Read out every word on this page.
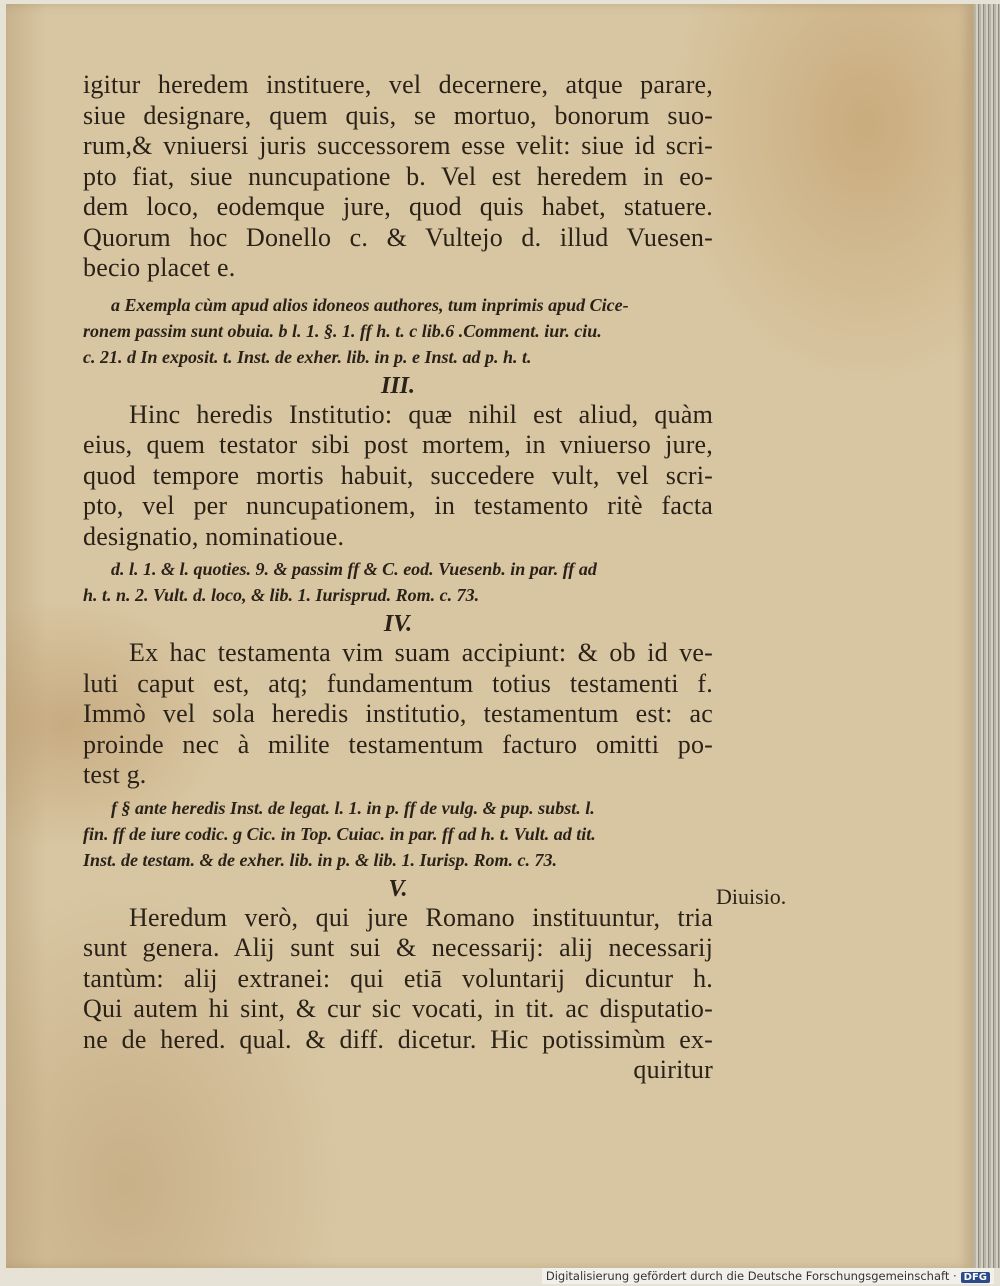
igitur heredem instituere, vel decernere, atque parare,
siue designare, quem quis, se mortuo, bonorum suo-
rum,& vniuersi juris successorem esse velit: siue id scri-
pto fiat, siue nuncupatione b. Vel est heredem in eo-
dem loco, eodemque jure, quod quis habet, statuere.
Quorum hoc Donello c. & Vultejo d. illud Vuesen-
becio placet e.
a Exempla cùm apud alios idoneos authores, tum inprimis apud Cice-
ronem passim sunt obuia. b l. 1. §. 1. ff h. t. c lib.6 .Comment. iur. ciu.
c. 21. d In exposit. t. Inst. de exher. lib. in p. e Inst. ad p. h. t.
III.
Hinc heredis Institutio: quæ nihil est aliud, quàm
eius, quem testator sibi post mortem, in vniuerso jure,
quod tempore mortis habuit, succedere vult, vel scri-
pto, vel per nuncupationem, in testamento ritè facta
designatio, nominatioue.
d. l. 1. & l. quoties. 9. & passim ff & C. eod. Vuesenb. in par. ff ad
h. t. n. 2. Vult. d. loco, & lib. 1. Iurisprud. Rom. c. 73.
IV.
Ex hac testamenta vim suam accipiunt: & ob id ve-
luti caput est, atq; fundamentum totius testamenti f.
Immò vel sola heredis institutio, testamentum est: ac
proinde nec à milite testamentum facturo omitti po-
test g.
f § ante heredis Inst. de legat. l. 1. in p. ff de vulg. & pup. subst. l.
fin. ff de iure codic. g Cic. in Top. Cuiac. in par. ff ad h. t. Vult. ad tit.
Inst. de testam. & de exher. lib. in p. & lib. 1. Iurisp. Rom. c. 73.
V.
Heredum verò, qui jure Romano instituuntur, tria
sunt genera. Alij sunt sui & necessarij: alij necessarij
tantùm: alij extranei: qui etiā voluntarij dicuntur h.
Qui autem hi sint, & cur sic vocati, in tit. ac disputatio-
ne de hered. qual. & diff. dicetur. Hic potissimùm ex-
quiritur
Diuisio.
Digitalisierung gefördert durch die Deutsche Forschungsgemeinschaft · DFG
